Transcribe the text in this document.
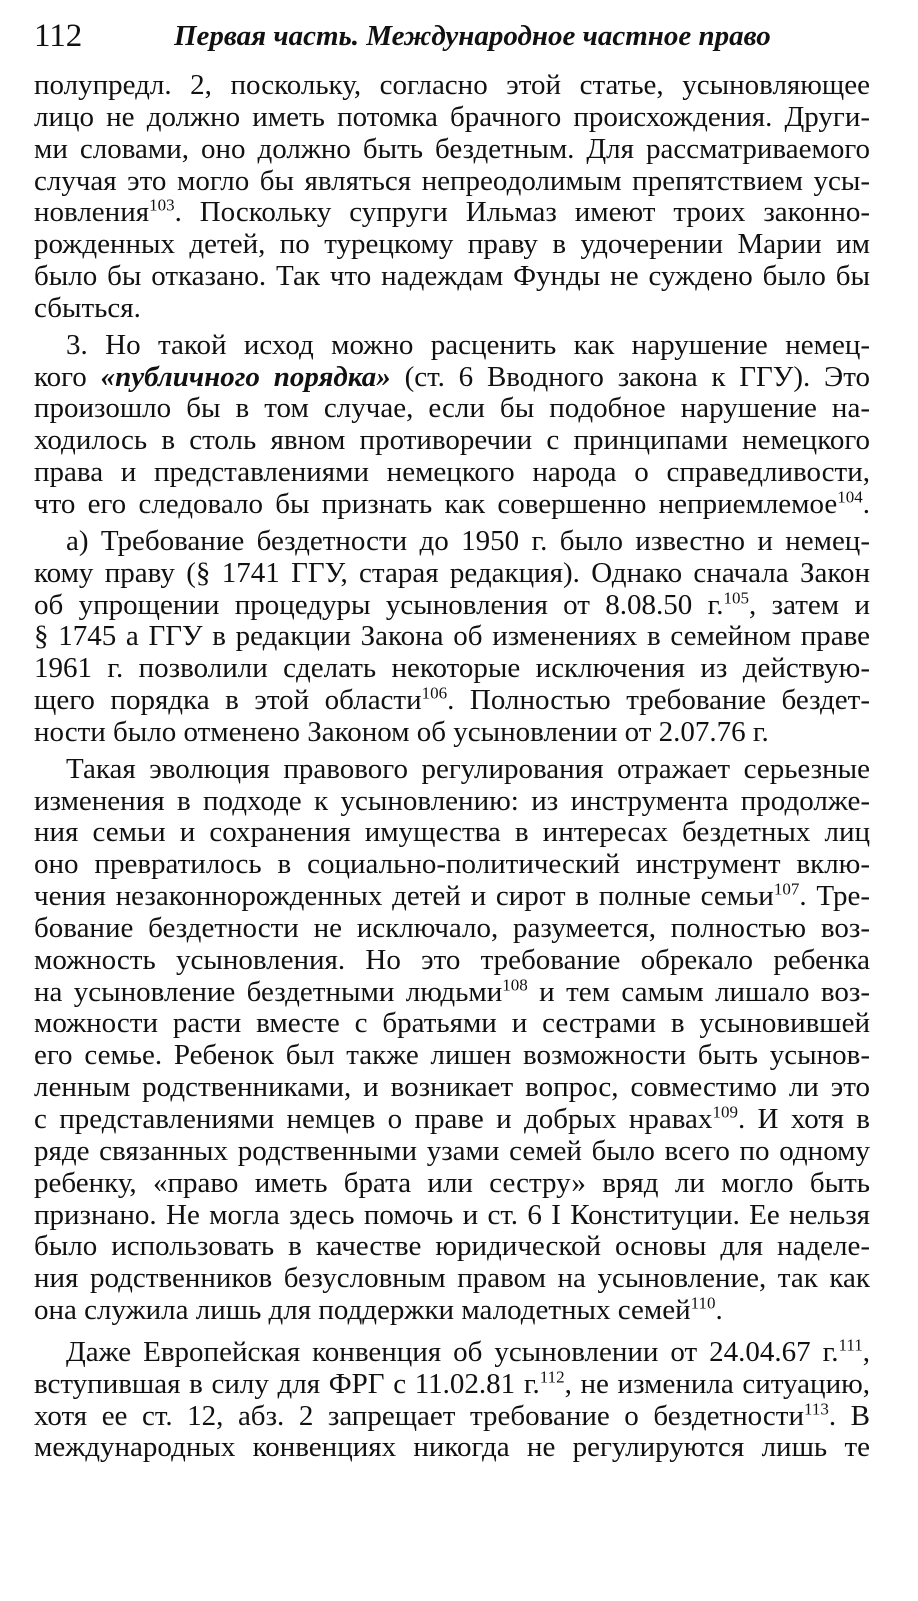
112	Первая часть. Международное частное право
полупредл. 2, поскольку, согласно этой статье, усыновляющее
лицо не должно иметь потомка брачного происхождения. Други-
ми словами, оно должно быть бездетным. Для рассматриваемого
случая это могло бы являться непреодолимым препятствием усы-
новления$^{103}$. Поскольку супруги Ильмаз имеют троих законно-
рожденных детей, по турецкому праву в удочерении Марии им
было бы отказано. Так что надеждам Фунды не суждено было бы
сбыться.
3. Но такой исход можно расценить как нарушение немец-
кого «публичного порядка» (ст. 6 Вводного закона к ГГУ). Это
произошло бы в том случае, если бы подобное нарушение на-
ходилось в столь явном противоречии с принципами немецкого
права и представлениями немецкого народа о справедливости,
что его следовало бы признать как совершенно неприемлемое$^{104}$.
а) Требование бездетности до 1950 г. было известно и немец-
кому праву (§ 1741 ГГУ, старая редакция). Однако сначала Закон
об упрощении процедуры усыновления от 8.08.50 г.$^{105}$, затем и
§ 1745 а ГГУ в редакции Закона об изменениях в семейном праве
1961 г. позволили сделать некоторые исключения из действую-
щего порядка в этой области$^{106}$. Полностью требование бездет-
ности было отменено Законом об усыновлении от 2.07.76 г.
Такая эволюция правового регулирования отражает серьезные
изменения в подходе к усыновлению: из инструмента продолже-
ния семьи и сохранения имущества в интересах бездетных лиц
оно превратилось в социально-политический инструмент вклю-
чения незаконнорожденных детей и сирот в полные семьи$^{107}$. Тре-
бование бездетности не исключало, разумеется, полностью воз-
можность усыновления. Но это требование обрекало ребенка
на усыновление бездетными людьми$^{108}$ и тем самым лишало воз-
можности расти вместе с братьями и сестрами в усыновившей
его семье. Ребенок был также лишен возможности быть усынов-
ленным родственниками, и возникает вопрос, совместимо ли это
с представлениями немцев о праве и добрых нравах$^{109}$. И хотя в
ряде связанных родственными узами семей было всего по одному
ребенку, «право иметь брата или сестру» вряд ли могло быть
признано. Не могла здесь помочь и ст. 6 I Конституции. Ее нельзя
было использовать в качестве юридической основы для наделе-
ния родственников безусловным правом на усыновление, так как
она служила лишь для поддержки малодетных семей$^{110}$.
Даже Европейская конвенция об усыновлении от 24.04.67 г.$^{111}$,
вступившая в силу для ФРГ с 11.02.81 г.$^{112}$, не изменила ситуацию,
хотя ее ст. 12, абз. 2 запрещает требование о бездетности$^{113}$. В
международных конвенциях никогда не регулируются лишь те
